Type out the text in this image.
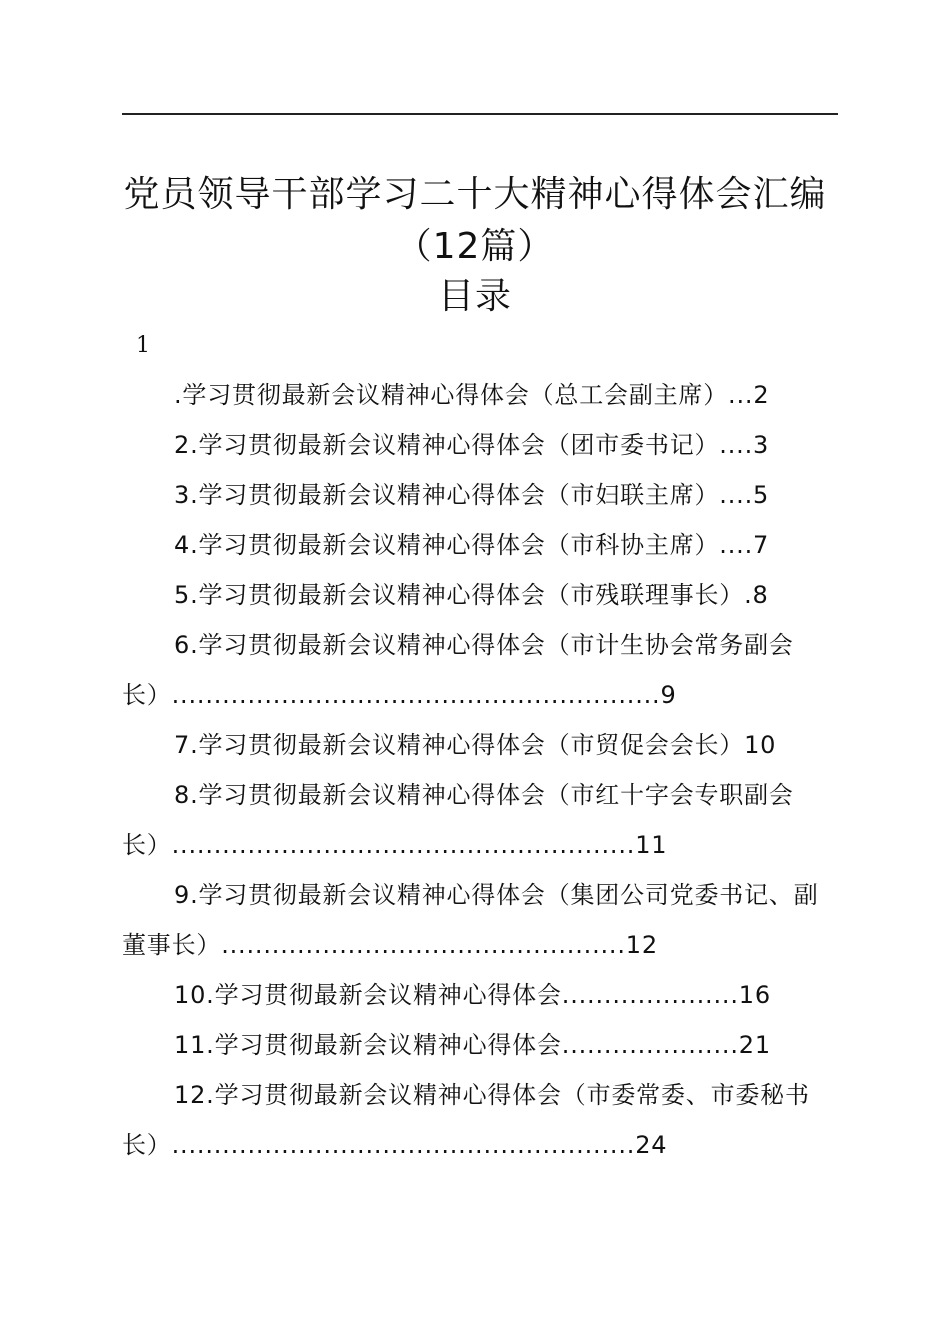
党员领导干部学习二十大精神心得体会汇编
（12篇）
目录
1
.学习贯彻最新会议精神心得体会（总工会副主席）...2
2.学习贯彻最新会议精神心得体会（团市委书记）....3
3.学习贯彻最新会议精神心得体会（市妇联主席）....5
4.学习贯彻最新会议精神心得体会（市科协主席）....7
5.学习贯彻最新会议精神心得体会（市残联理事长）.8
6.学习贯彻最新会议精神心得体会（市计生协会常务副会
长）..........................................................9
7.学习贯彻最新会议精神心得体会（市贸促会会长）10
8.学习贯彻最新会议精神心得体会（市红十字会专职副会
长）.......................................................11
9.学习贯彻最新会议精神心得体会（集团公司党委书记、副
董事长）................................................12
10.学习贯彻最新会议精神心得体会.....................16
11.学习贯彻最新会议精神心得体会.....................21
12.学习贯彻最新会议精神心得体会（市委常委、市委秘书
长）.......................................................24
